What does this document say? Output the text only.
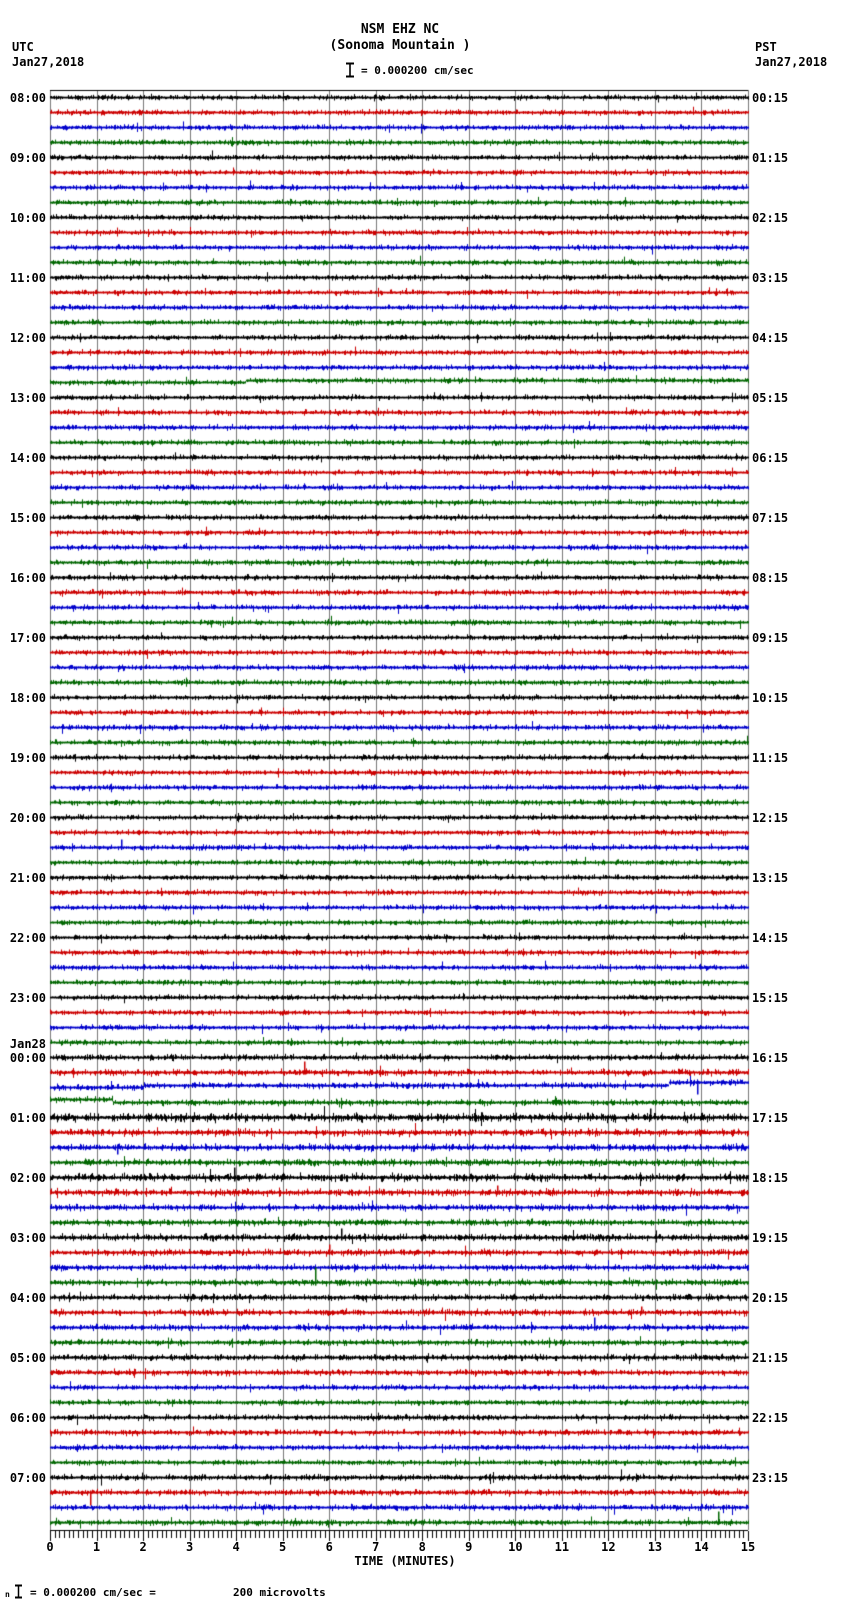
NSM EHZ NC
(Sonoma Mountain )
= 0.000200 cm/sec
UTC
Jan27,2018
PST
Jan27,2018
08:00	00:15
09:00	01:15
10:00	02:15
11:00	03:15
12:00	04:15
13:00	05:15
14:00	06:15
15:00	07:15
16:00	08:15
17:00	09:15
18:00	10:15
19:00	11:15
20:00	12:15
21:00	13:15
22:00	14:15
23:00	15:15
00:00	16:15
Jan28
01:00	17:15
02:00	18:15
03:00	19:15
04:00	20:15
05:00	21:15
06:00	22:15
07:00	23:15
0	1	2	3	4	5	6	7	8	9	10	11	12	13	14	15
TIME (MINUTES)
n = 0.000200 cm/sec =	200 microvolts
